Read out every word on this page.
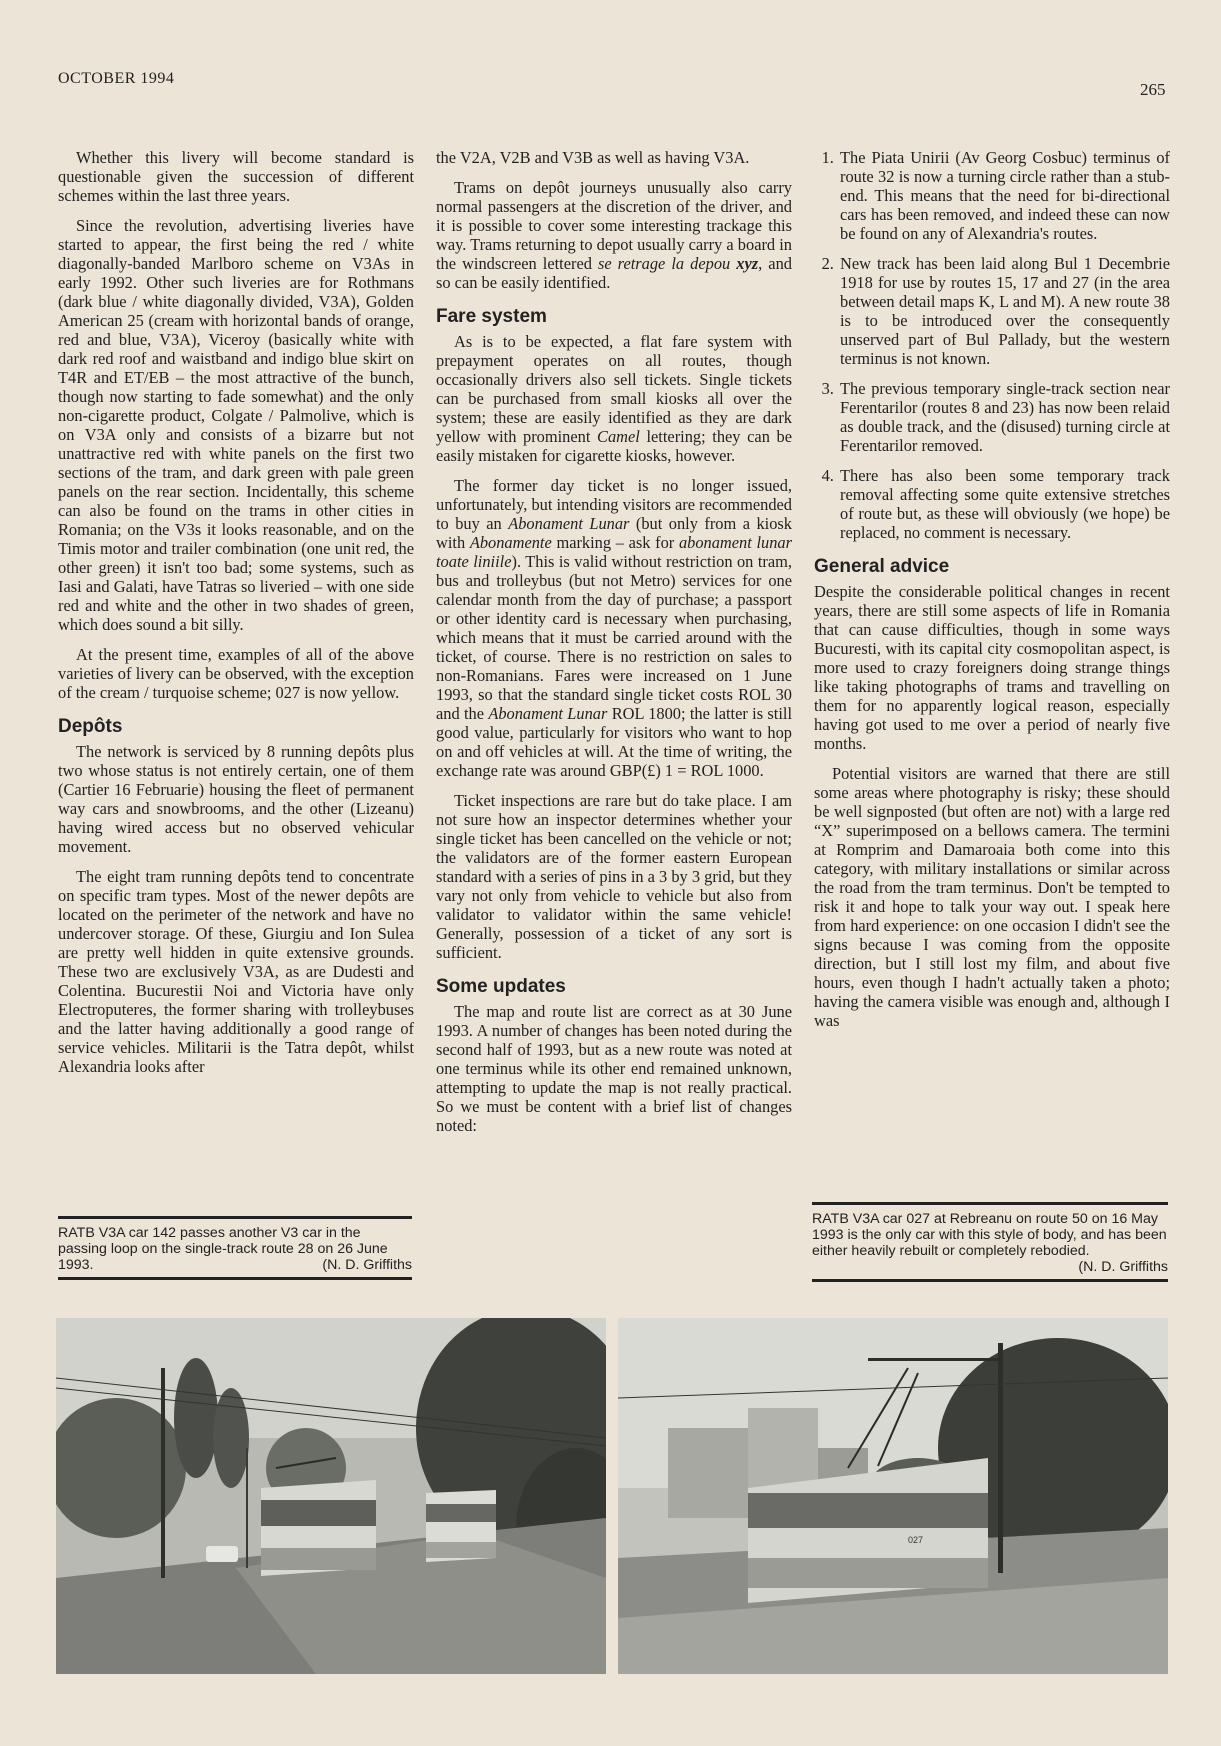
OCTOBER 1994
265

Whether this livery will become standard is questionable given the succession of different schemes within the last three years.

Since the revolution, advertising liveries have started to appear, the first being the red / white diagonally-banded Marlboro scheme on V3As in early 1992. Other such liveries are for Rothmans (dark blue / white diagonally divided, V3A), Golden American 25 (cream with horizontal bands of orange, red and blue, V3A), Viceroy (basically white with dark red roof and waistband and indigo blue skirt on T4R and ET/EB – the most attractive of the bunch, though now starting to fade somewhat) and the only non-cigarette product, Colgate / Palmolive, which is on V3A only and consists of a bizarre but not unattractive red with white panels on the first two sections of the tram, and dark green with pale green panels on the rear section. Incidentally, this scheme can also be found on the trams in other cities in Romania; on the V3s it looks reasonable, and on the Timis motor and trailer combination (one unit red, the other green) it isn't too bad; some systems, such as Iasi and Galati, have Tatras so liveried – with one side red and white and the other in two shades of green, which does sound a bit silly.

At the present time, examples of all of the above varieties of livery can be observed, with the exception of the cream / turquoise scheme; 027 is now yellow.

Depôts

The network is serviced by 8 running depôts plus two whose status is not entirely certain, one of them (Cartier 16 Februarie) housing the fleet of permanent way cars and snowbrooms, and the other (Lizeanu) having wired access but no observed vehicular movement.

The eight tram running depôts tend to concentrate on specific tram types. Most of the newer depôts are located on the perimeter of the network and have no undercover storage. Of these, Giurgiu and Ion Sulea are pretty well hidden in quite extensive grounds. These two are exclusively V3A, as are Dudesti and Colentina. Bucurestii Noi and Victoria have only Electroputeres, the former sharing with trolleybuses and the latter having additionally a good range of service vehicles. Militarii is the Tatra depôt, whilst Alexandria looks after

the V2A, V2B and V3B as well as having V3A.

Trams on depôt journeys unusually also carry normal passengers at the discretion of the driver, and it is possible to cover some interesting trackage this way. Trams returning to depot usually carry a board in the windscreen lettered se retrage la depou xyz, and so can be easily identified.

Fare system

As is to be expected, a flat fare system with prepayment operates on all routes, though occasionally drivers also sell tickets. Single tickets can be purchased from small kiosks all over the system; these are easily identified as they are dark yellow with prominent Camel lettering; they can be easily mistaken for cigarette kiosks, however.

The former day ticket is no longer issued, unfortunately, but intending visitors are recommended to buy an Abonament Lunar (but only from a kiosk with Abonamente marking – ask for abonament lunar toate liniile). This is valid without restriction on tram, bus and trolleybus (but not Metro) services for one calendar month from the day of purchase; a passport or other identity card is necessary when purchasing, which means that it must be carried around with the ticket, of course. There is no restriction on sales to non-Romanians. Fares were increased on 1 June 1993, so that the standard single ticket costs ROL 30 and the Abonament Lunar ROL 1800; the latter is still good value, particularly for visitors who want to hop on and off vehicles at will. At the time of writing, the exchange rate was around GBP(£) 1 = ROL 1000.

Ticket inspections are rare but do take place. I am not sure how an inspector determines whether your single ticket has been cancelled on the vehicle or not; the validators are of the former eastern European standard with a series of pins in a 3 by 3 grid, but they vary not only from vehicle to vehicle but also from validator to validator within the same vehicle! Generally, possession of a ticket of any sort is sufficient.

Some updates

The map and route list are correct as at 30 June 1993. A number of changes has been noted during the second half of 1993, but as a new route was noted at one terminus while its other end remained unknown, attempting to update the map is not really practical. So we must be content with a brief list of changes noted:

1. The Piata Unirii (Av Georg Cosbuc) terminus of route 32 is now a turning circle rather than a stub-end. This means that the need for bi-directional cars has been removed, and indeed these can now be found on any of Alexandria's routes.
2. New track has been laid along Bul 1 Decembrie 1918 for use by routes 15, 17 and 27 (in the area between detail maps K, L and M). A new route 38 is to be introduced over the consequently unserved part of Bul Pallady, but the western terminus is not known.
3. The previous temporary single-track section near Ferentarilor (routes 8 and 23) has now been relaid as double track, and the (disused) turning circle at Ferentarilor removed.
4. There has also been some temporary track removal affecting some quite extensive stretches of route but, as these will obviously (we hope) be replaced, no comment is necessary.
General advice

Despite the considerable political changes in recent years, there are still some aspects of life in Romania that can cause difficulties, though in some ways Bucuresti, with its capital city cosmopolitan aspect, is more used to crazy foreigners doing strange things like taking photographs of trams and travelling on them for no apparently logical reason, especially having got used to me over a period of nearly five months.

Potential visitors are warned that there are still some areas where photography is risky; these should be well signposted (but often are not) with a large red “X” superimposed on a bellows camera. The termini at Romprim and Damaroaia both come into this category, with military installations or similar across the road from the tram terminus. Don't be tempted to risk it and hope to talk your way out. I speak here from hard experience: on one occasion I didn't see the signs because I was coming from the opposite direction, but I still lost my film, and about five hours, even though I hadn't actually taken a photo; having the camera visible was enough and, although I was

RATB V3A car 142 passes another V3 car in the passing loop on the single-track route 28 on 26 June 1993.	(N. D. Griffiths
RATB V3A car 027 at Rebreanu on route 50 on 16 May 1993 is the only car with this style of body, and has been either heavily rebuilt or completely rebodied.
(N. D. Griffiths
027
